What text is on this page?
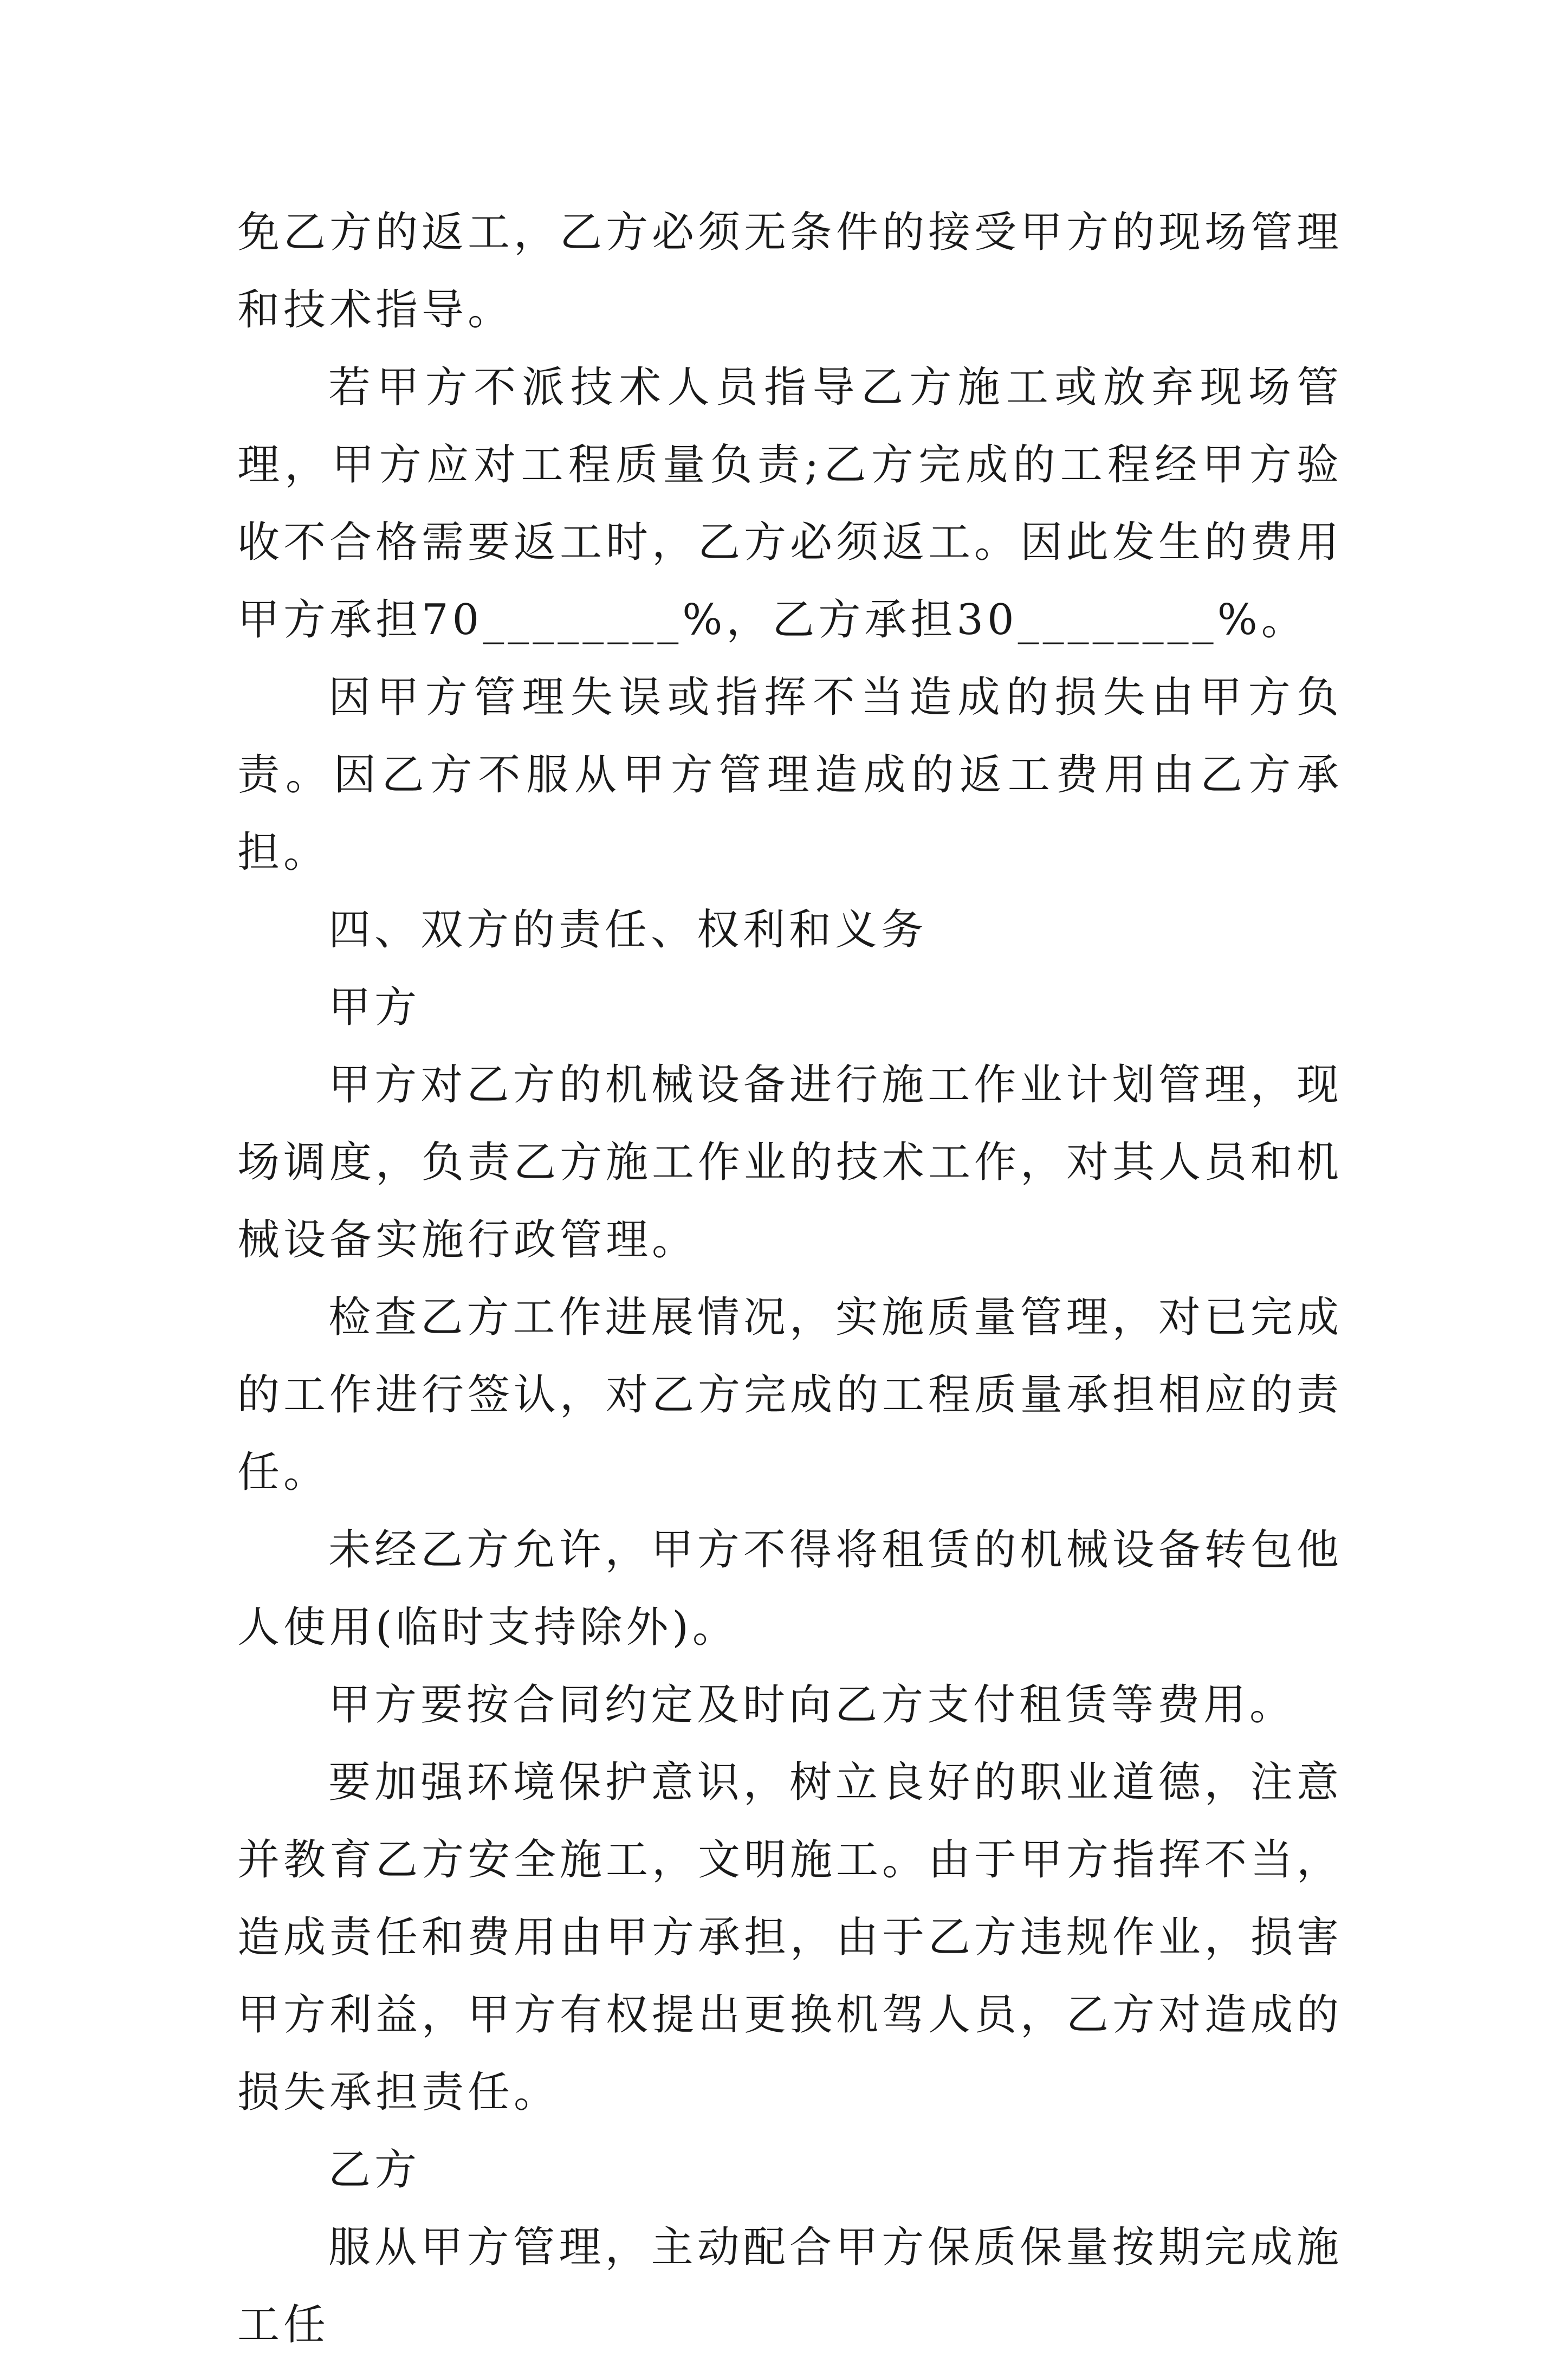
免乙方的返工，乙方必须无条件的接受甲方的现场管理和技术指导。

若甲方不派技术人员指导乙方施工或放弃现场管理，甲方应对工程质量负责;乙方完成的工程经甲方验收不合格需要返工时，乙方必须返工。因此发生的费用甲方承担70________%，乙方承担30________%。

因甲方管理失误或指挥不当造成的损失由甲方负责。因乙方不服从甲方管理造成的返工费用由乙方承担。

四、双方的责任、权利和义务

甲方

甲方对乙方的机械设备进行施工作业计划管理，现场调度，负责乙方施工作业的技术工作，对其人员和机械设备实施行政管理。

检查乙方工作进展情况，实施质量管理，对已完成的工作进行签认，对乙方完成的工程质量承担相应的责任。

未经乙方允许，甲方不得将租赁的机械设备转包他人使用(临时支持除外)。

甲方要按合同约定及时向乙方支付租赁等费用。

要加强环境保护意识，树立良好的职业道德，注意并教育乙方安全施工，文明施工。由于甲方指挥不当，造成责任和费用由甲方承担，由于乙方违规作业，损害甲方利益，甲方有权提出更换机驾人员，乙方对造成的损失承担责任。

乙方

服从甲方管理，主动配合甲方保质保量按期完成施工任
